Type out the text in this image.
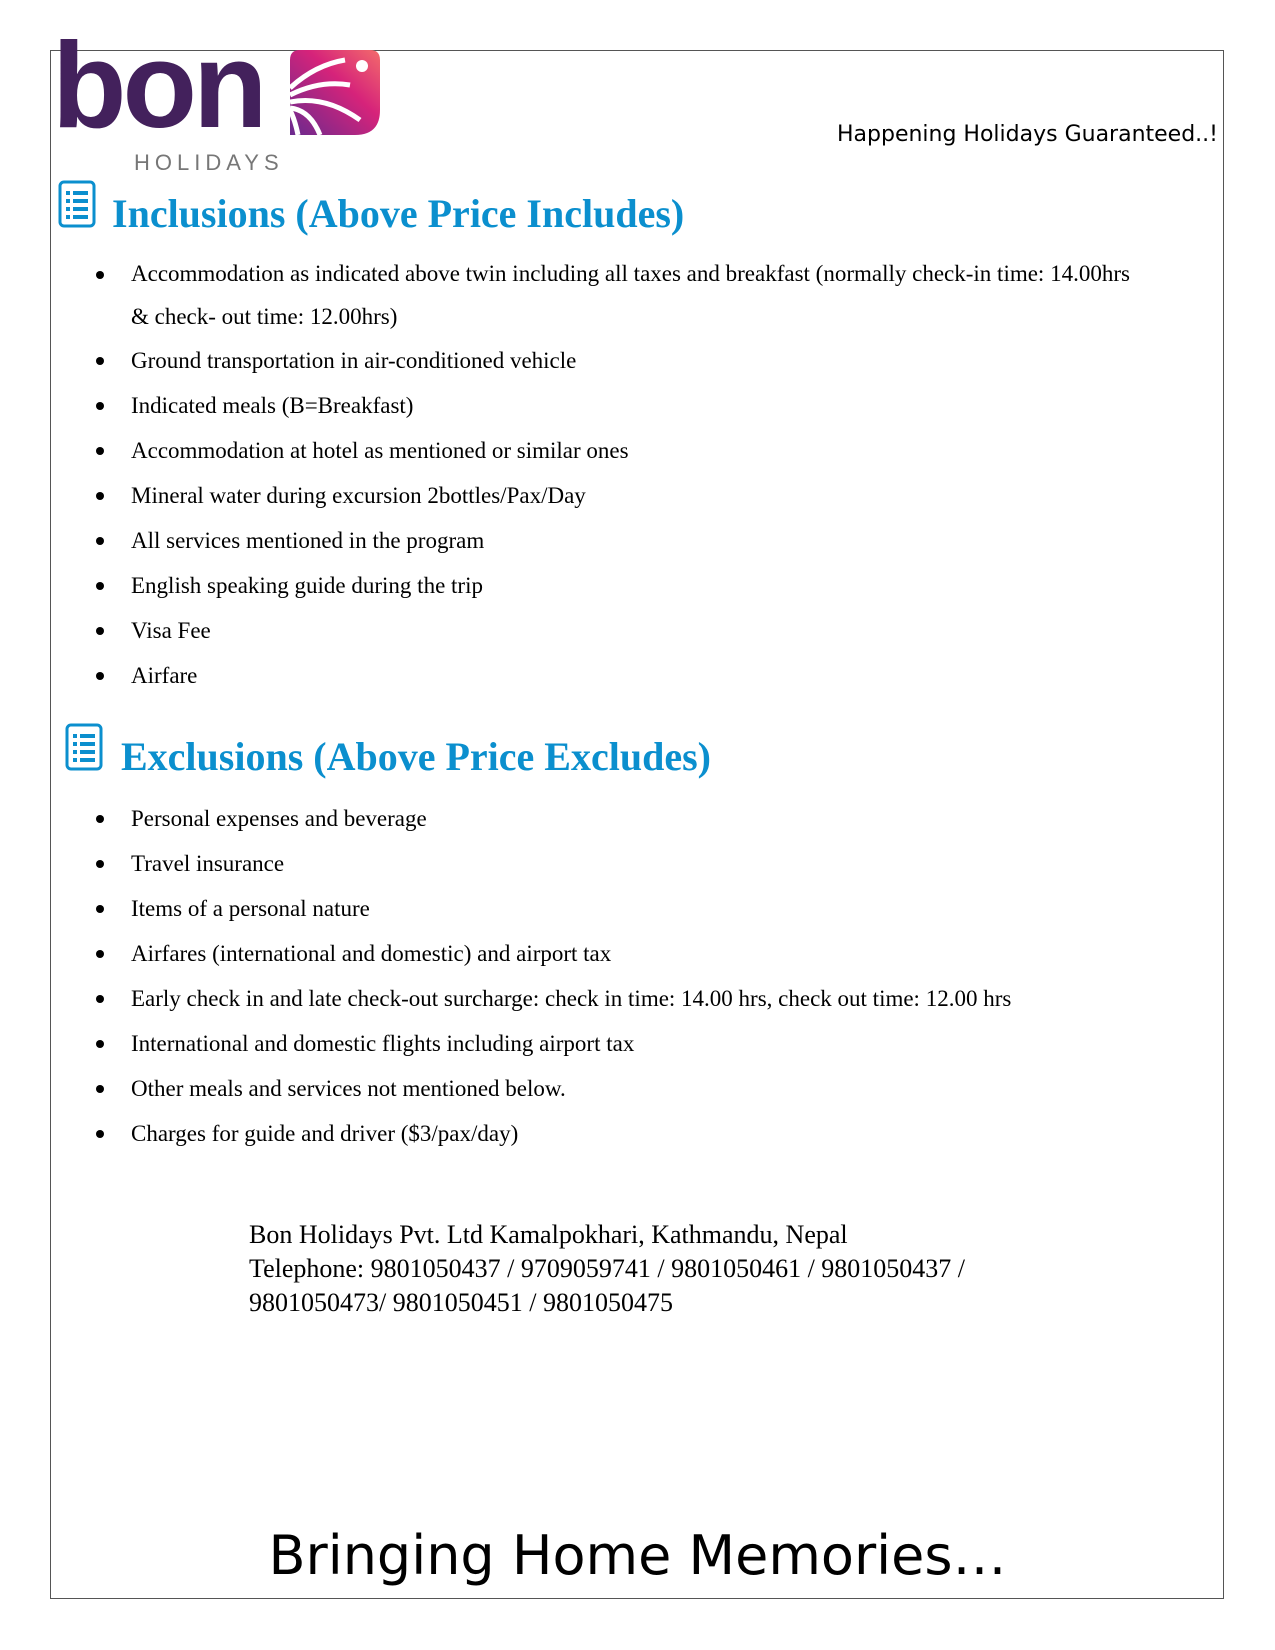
bon
HOLIDAYS
Happening Holidays Guaranteed..!
Inclusions (Above Price Includes)
Accommodation as indicated above twin including all taxes and breakfast (normally check-in time: 14.00hrs & check- out time: 12.00hrs)
Ground transportation in air-conditioned vehicle
Indicated meals (B=Breakfast)
Accommodation at hotel as mentioned or similar ones
Mineral water during excursion 2bottles/Pax/Day
All services mentioned in the program
English speaking guide during the trip
Visa Fee
Airfare
Exclusions (Above Price Excludes)
Personal expenses and beverage
Travel insurance
Items of a personal nature
Airfares (international and domestic) and airport tax
Early check in and late check-out surcharge: check in time: 14.00 hrs, check out time: 12.00 hrs
International and domestic flights including airport tax
Other meals and services not mentioned below.
Charges for guide and driver ($3/pax/day)
Bon Holidays Pvt. Ltd Kamalpokhari, Kathmandu, Nepal
Telephone: 9801050437 / 9709059741 / 9801050461 / 9801050437 /
9801050473/ 9801050451 / 9801050475
Bringing Home Memories…
